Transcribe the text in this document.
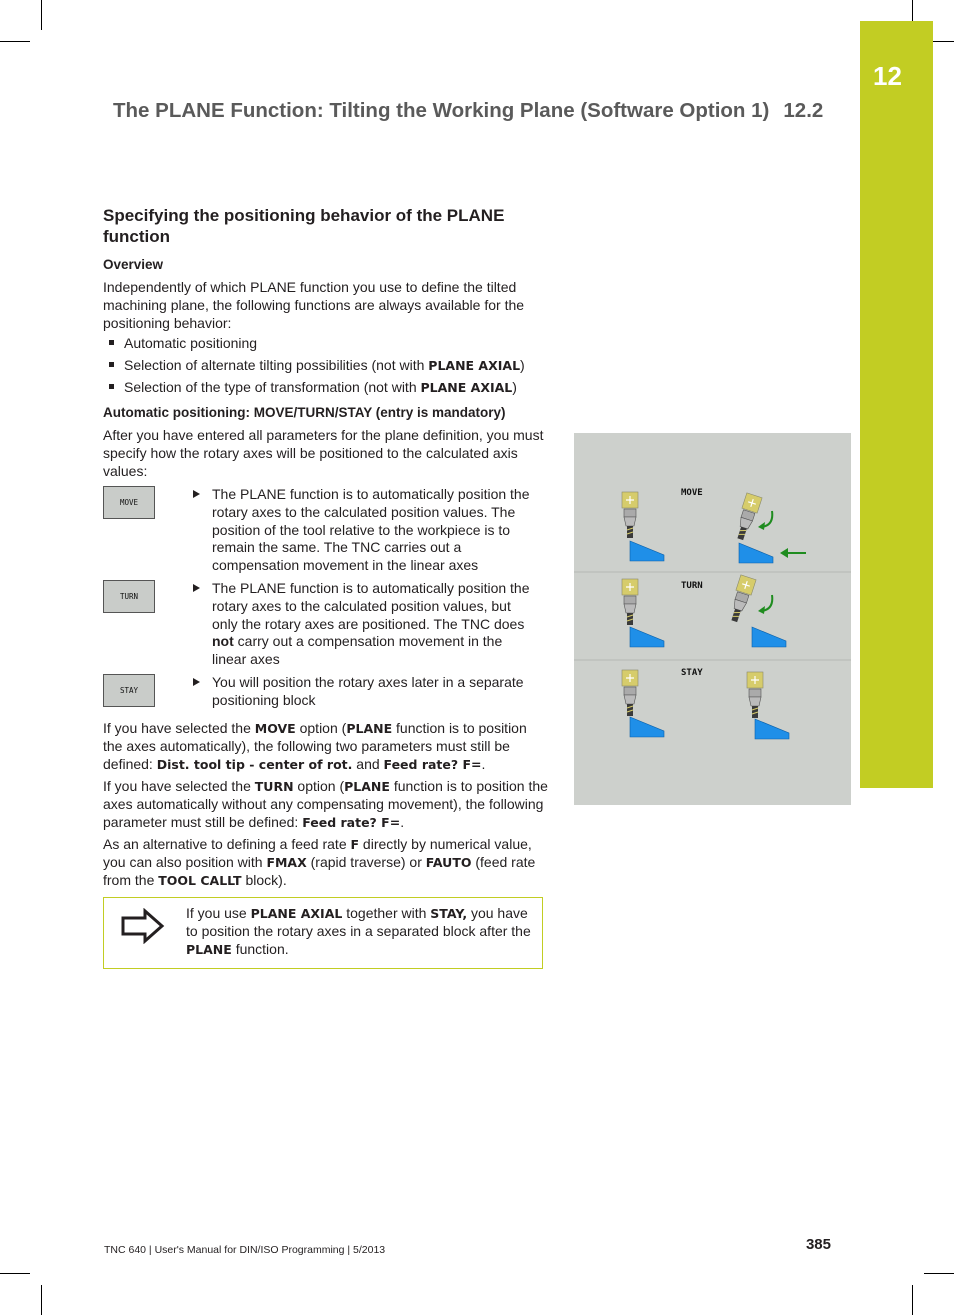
12
The PLANE Function: Tilting the Working Plane (Software Option 1) 12.2
Specifying the positioning behavior of the PLANE function
Overview

Independently of which PLANE function you use to define the tilted machining plane, the following functions are always available for the positioning behavior:

Automatic positioning
Selection of alternate tilting possibilities (not with PLANE AXIAL)
Selection of the type of transformation (not with PLANE AXIAL)
Automatic positioning: MOVE/TURN/STAY (entry is mandatory)

After you have entered all parameters for the plane definition, you must specify how the rotary axes will be positioned to the calculated axis values:

MOVE
The PLANE function is to automatically position the rotary axes to the calculated position values. The position of the tool relative to the workpiece is to remain the same. The TNC carries out a compensation movement in the linear axes
TURN
The PLANE function is to automatically position the rotary axes to the calculated position values, but only the rotary axes are positioned. The TNC does not carry out a compensation movement in the linear axes
STAY
You will position the rotary axes later in a separate positioning block

If you have selected the MOVE option (PLANE function is to position the axes automatically), the following two parameters must still be defined: Dist. tool tip - center of rot. and Feed rate? F=.

If you have selected the TURN option (PLANE function is to position the axes automatically without any compensating movement), the following parameter must still be defined: Feed rate? F=.

As an alternative to defining a feed rate F directly by numerical value, you can also position with FMAX (rapid traverse) or FAUTO (feed rate from the TOOL CALLT block).

If you use PLANE AXIAL together with STAY, you have to position the rotary axes in a separated block after the PLANE function.
MOVE
TURN
STAY
TNC 640 | User's Manual for DIN/ISO Programming | 5/2013	385
